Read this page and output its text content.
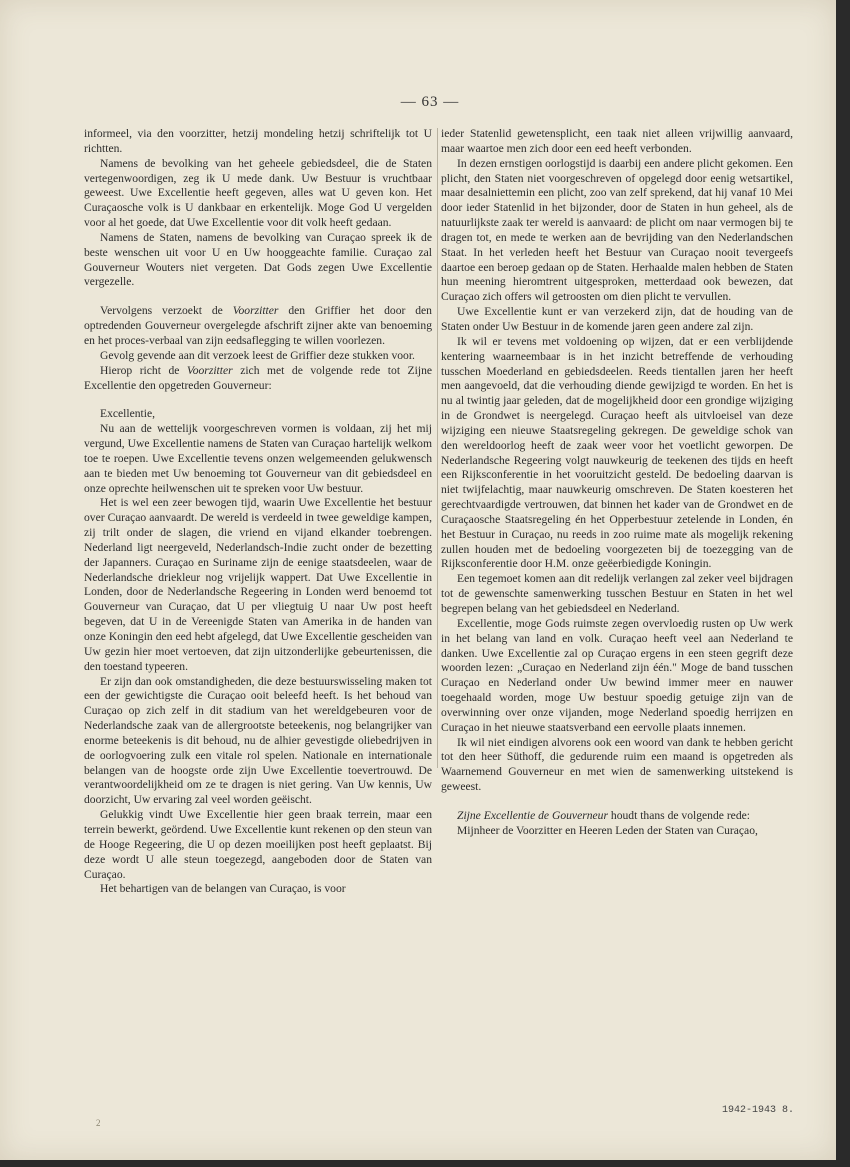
— 63 —

informeel, via den voorzitter, hetzij mondeling hetzij schriftelijk tot U richtten.

Namens de bevolking van het geheele gebiedsdeel, die de Staten vertegenwoordigen, zeg ik U mede dank. Uw Bestuur is vruchtbaar geweest. Uwe Excellentie heeft gegeven, alles wat U geven kon. Het Curaçaosche volk is U dankbaar en erkentelijk. Moge God U vergelden voor al het goede, dat Uwe Excellentie voor dit volk heeft gedaan.

Namens de Staten, namens de bevolking van Curaçao spreek ik de beste wenschen uit voor U en Uw hooggeachte familie. Curaçao zal Gouverneur Wouters niet vergeten. Dat Gods zegen Uwe Excellentie vergezelle.

Vervolgens verzoekt de Voorzitter den Griffier het door den optredenden Gouverneur overgelegde afschrift zijner akte van benoeming en het proces-verbaal van zijn eedsaflegging te willen voorlezen.

Gevolg gevende aan dit verzoek leest de Griffier deze stukken voor.

Hierop richt de Voorzitter zich met de volgende rede tot Zijne Excellentie den opgetreden Gouverneur:

Excellentie,

Nu aan de wettelijk voorgeschreven vormen is voldaan, zij het mij vergund, Uwe Excellentie namens de Staten van Curaçao hartelijk welkom toe te roepen. Uwe Excellentie tevens onzen welgemeenden gelukwensch aan te bieden met Uw benoeming tot Gouverneur van dit gebiedsdeel en onze oprechte heilwenschen uit te spreken voor Uw bestuur.

Het is wel een zeer bewogen tijd, waarin Uwe Excellentie het bestuur over Curaçao aanvaardt. De wereld is verdeeld in twee geweldige kampen, zij trilt onder de slagen, die vriend en vijand elkander toebrengen. Nederland ligt neergeveld, Nederlandsch-Indie zucht onder de bezetting der Japanners. Curaçao en Suriname zijn de eenige staatsdeelen, waar de Nederlandsche driekleur nog vrijelijk wappert. Dat Uwe Excellentie in Londen, door de Nederlandsche Regeering in Londen werd benoemd tot Gouverneur van Curaçao, dat U per vliegtuig U naar Uw post heeft begeven, dat U in de Vereenigde Staten van Amerika in de handen van onze Koningin den eed hebt afgelegd, dat Uwe Excellentie gescheiden van Uw gezin hier moet vertoeven, dat zijn uitzonderlijke gebeurtenissen, die den toestand typeeren.

Er zijn dan ook omstandigheden, die deze bestuurswisseling maken tot een der gewichtigste die Curaçao ooit beleefd heeft. Is het behoud van Curaçao op zich zelf in dit stadium van het wereldgebeuren voor de Nederlandsche zaak van de allergrootste beteekenis, nog belangrijker van enorme beteekenis is dit behoud, nu de alhier gevestigde oliebedrijven in de oorlogvoering zulk een vitale rol spelen. Nationale en internationale belangen van de hoogste orde zijn Uwe Excellentie toevertrouwd. De verantwoordelijkheid om ze te dragen is niet gering. Van Uw kennis, Uw doorzicht, Uw ervaring zal veel worden geëischt.

Gelukkig vindt Uwe Excellentie hier geen braak terrein, maar een terrein bewerkt, geördend. Uwe Excellentie kunt rekenen op den steun van de Hooge Regeering, die U op dezen moeilijken post heeft geplaatst. Bij deze wordt U alle steun toegezegd, aangeboden door de Staten van Curaçao.

Het behartigen van de belangen van Curaçao, is voor

ieder Statenlid gewetensplicht, een taak niet alleen vrijwillig aanvaard, maar waartoe men zich door een eed heeft verbonden.

In dezen ernstigen oorlogstijd is daarbij een andere plicht gekomen. Een plicht, den Staten niet voorgeschreven of opgelegd door eenig wetsartikel, maar desalniettemin een plicht, zoo van zelf sprekend, dat hij vanaf 10 Mei door ieder Statenlid in het bijzonder, door de Staten in hun geheel, als de natuurlijkste zaak ter wereld is aanvaard: de plicht om naar vermogen bij te dragen tot, en mede te werken aan de bevrijding van den Nederlandschen Staat. In het verleden heeft het Bestuur van Curaçao nooit tevergeefs daartoe een beroep gedaan op de Staten. Herhaalde malen hebben de Staten hun meening hieromtrent uitgesproken, metterdaad ook bewezen, dat Curaçao zich offers wil getroosten om dien plicht te vervullen.

Uwe Excellentie kunt er van verzekerd zijn, dat de houding van de Staten onder Uw Bestuur in de komende jaren geen andere zal zijn.

Ik wil er tevens met voldoening op wijzen, dat er een verblijdende kentering waarneembaar is in het inzicht betreffende de verhouding tusschen Moederland en gebiedsdeelen. Reeds tientallen jaren her heeft men aangevoeld, dat die verhouding diende gewijzigd te worden. En het is nu al twintig jaar geleden, dat de mogelijkheid door een grondige wijziging in de Grondwet is neergelegd. Curaçao heeft als uitvloeisel van deze wijziging een nieuwe Staatsregeling gekregen. De geweldige schok van den wereldoorlog heeft de zaak weer voor het voetlicht geworpen. De Nederlandsche Regeering volgt nauwkeurig de teekenen des tijds en heeft een Rijksconferentie in het vooruitzicht gesteld. De bedoeling daarvan is niet twijfelachtig, maar nauwkeurig omschreven. De Staten koesteren het gerechtvaardigde vertrouwen, dat binnen het kader van de Grondwet en de Curaçaosche Staatsregeling én het Opperbestuur zetelende in Londen, én het Bestuur in Curaçao, nu reeds in zoo ruime mate als mogelijk rekening zullen houden met de bedoeling voorgezeten bij de toezegging van de Rijksconferentie door H.M. onze geëerbiedigde Koningin.

Een tegemoet komen aan dit redelijk verlangen zal zeker veel bijdragen tot de gewenschte samenwerking tusschen Bestuur en Staten in het wel begrepen belang van het gebiedsdeel en Nederland.

Excellentie, moge Gods ruimste zegen overvloedig rusten op Uw werk in het belang van land en volk. Curaçao heeft veel aan Nederland te danken. Uwe Excellentie zal op Curaçao ergens in een steen gegrift deze woorden lezen: „Curaçao en Nederland zijn één." Moge de band tusschen Curaçao en Nederland onder Uw bewind immer meer en nauwer toegehaald worden, moge Uw bestuur spoedig getuige zijn van de overwinning over onze vijanden, moge Nederland spoedig herrijzen en Curaçao in het nieuwe staatsverband een eervolle plaats innemen.

Ik wil niet eindigen alvorens ook een woord van dank te hebben gericht tot den heer Süthoff, die gedurende ruim een maand is opgetreden als Waarnemend Gouverneur en met wien de samenwerking uitstekend is geweest.

Zijne Excellentie de Gouverneur houdt thans de volgende rede:

Mijnheer de Voorzitter en Heeren Leden der Staten van Curaçao,

2
1942-1943 8.
